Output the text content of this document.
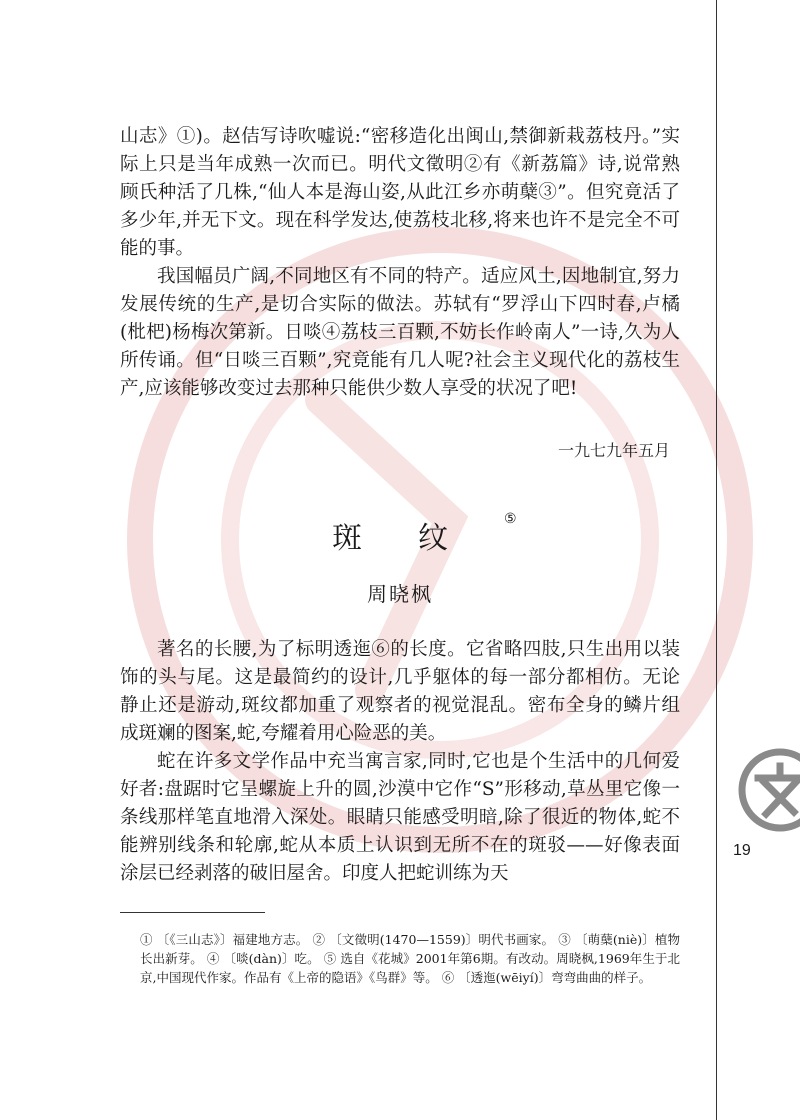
19

山志》①)。赵佶写诗吹嘘说:“密移造化出闽山,禁御新栽荔枝丹。”实际上只是当年成熟一次而已。明代文徵明②有《新荔篇》诗,说常熟顾氏种活了几株,“仙人本是海山姿,从此江乡亦萌蘖③”。但究竟活了多少年,并无下文。现在科学发达,使荔枝北移,将来也许不是完全不可能的事。

我国幅员广阔,不同地区有不同的特产。适应风土,因地制宜,努力发展传统的生产,是切合实际的做法。苏轼有“罗浮山下四时春,卢橘(枇杷)杨梅次第新。日啖④荔枝三百颗,不妨长作岭南人”一诗,久为人所传诵。但“日啖三百颗”,究竟能有几人呢?社会主义现代化的荔枝生产,应该能够改变过去那种只能供少数人享受的状况了吧!

一九七九年五月
斑纹⑤
周晓枫

著名的长腰,为了标明透迤⑥的长度。它省略四肢,只生出用以装饰的头与尾。这是最简约的设计,几乎躯体的每一部分都相仿。无论静止还是游动,斑纹都加重了观察者的视觉混乱。密布全身的鳞片组成斑斓的图案,蛇,夸耀着用心险恶的美。

蛇在许多文学作品中充当寓言家,同时,它也是个生活中的几何爱好者:盘踞时它呈螺旋上升的圆,沙漠中它作“S”形移动,草丛里它像一条线那样笔直地滑入深处。眼睛只能感受明暗,除了很近的物体,蛇不能辨别线条和轮廓,蛇从本质上认识到无所不在的斑驳——好像表面涂层已经剥落的破旧屋舍。印度人把蛇训练为天

① 〔《三山志》〕福建地方志。 ② 〔文徵明(1470—1559)〕明代书画家。 ③ 〔萌蘖(niè)〕植物长出新芽。 ④ 〔啖(dàn)〕吃。 ⑤ 选自《花城》2001年第6期。有改动。周晓枫,1969年生于北京,中国现代作家。作品有《上帝的隐语》《鸟群》等。 ⑥ 〔透迤(wēiyí)〕弯弯曲曲的样子。
